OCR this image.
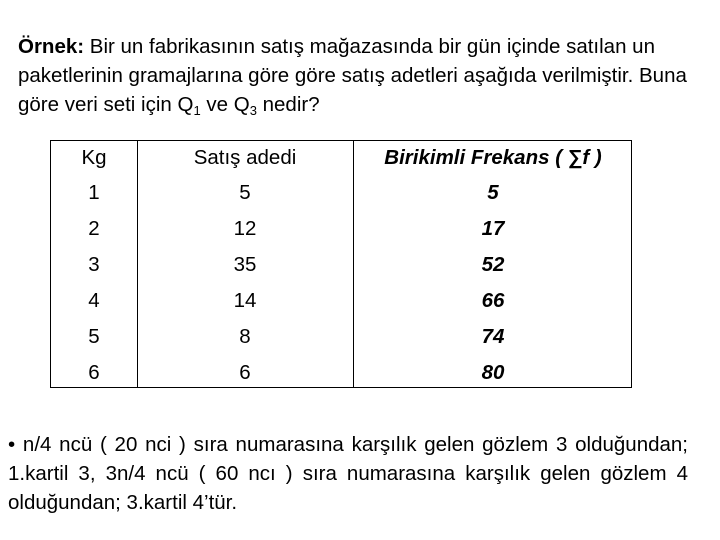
Örnek: Bir un fabrikasının satış mağazasında bir gün içinde satılan un paketlerinin gramajlarına göre göre satış adetleri aşağıda verilmiştir. Buna göre veri seti için $Q_1$ ve $Q_3$ nedir?
Kg	Satış adedi	Birikimli Frekans ( ∑f )
1	5	5
2	12	17
3	35	52
4	14	66
5	8	74
6	6	80
• n/4 ncü ( 20 nci ) sıra numarasına karşılık gelen gözlem 3 olduğundan; 1.kartil 3, 3n/4 ncü ( 60 ncı ) sıra numarasına karşılık gelen gözlem 4 olduğundan; 3.kartil 4’tür.
